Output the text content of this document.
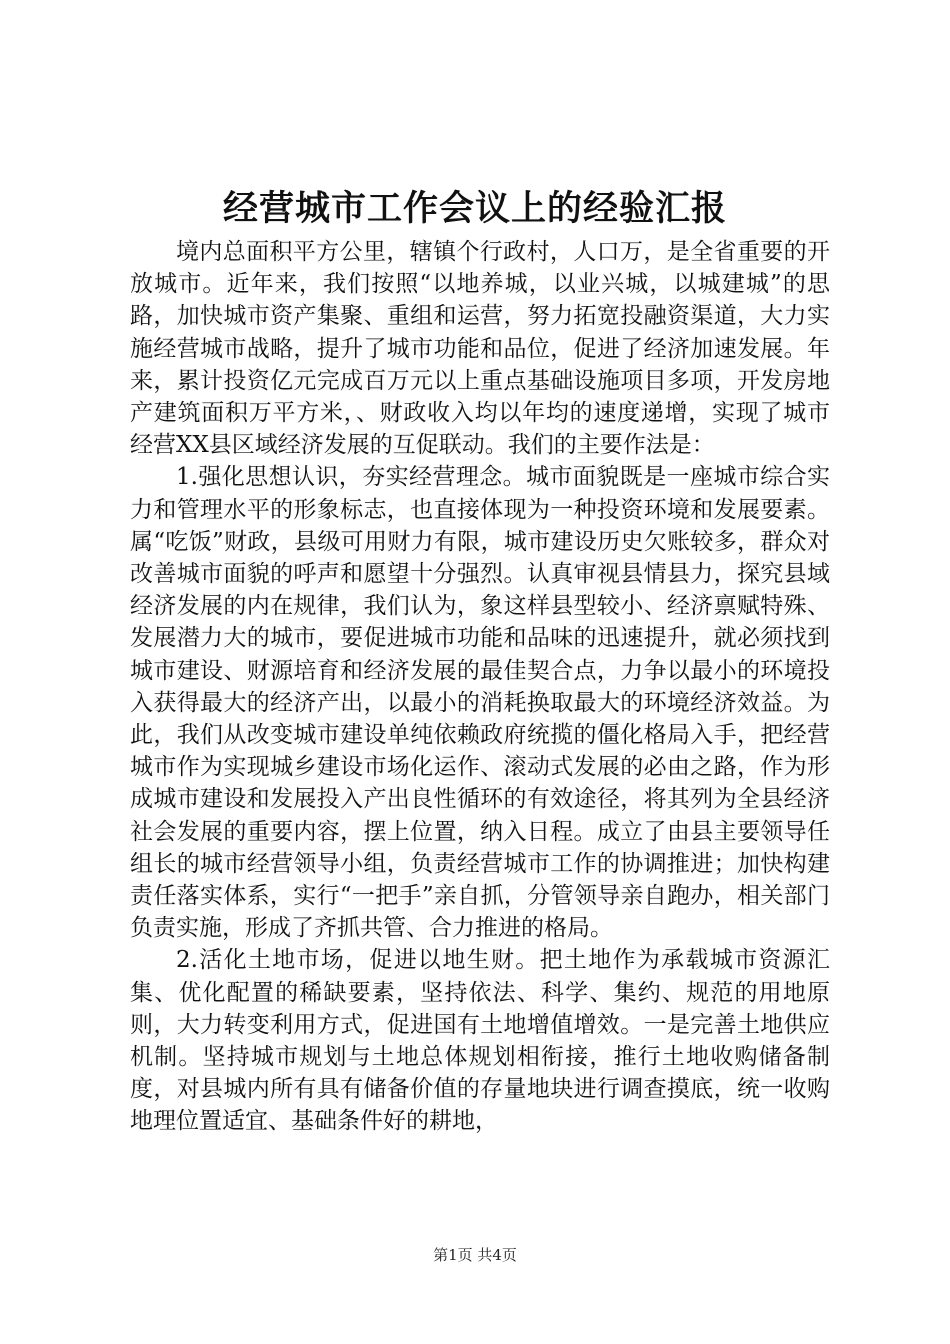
经营城市工作会议上的经验汇报

境内总面积平方公里，辖镇个行政村，人口万，是全省重要的开放城市。近年来，我们按照“以地养城，以业兴城，以城建城”的思路，加快城市资产集聚、重组和运营，努力拓宽投融资渠道，大力实施经营城市战略，提升了城市功能和品位，促进了经济加速发展。年来，累计投资亿元完成百万元以上重点基础设施项目多项，开发房地产建筑面积万平方米，、财政收入均以年均的速度递增，实现了城市经营XX县区域经济发展的互促联动。我们的主要作法是：

1.强化思想认识，夯实经营理念。城市面貌既是一座城市综合实力和管理水平的形象标志，也直接体现为一种投资环境和发展要素。属“吃饭”财政，县级可用财力有限，城市建设历史欠账较多，群众对改善城市面貌的呼声和愿望十分强烈。认真审视县情县力，探究县域经济发展的内在规律，我们认为，象这样县型较小、经济禀赋特殊、发展潜力大的城市，要促进城市功能和品味的迅速提升，就必须找到城市建设、财源培育和经济发展的最佳契合点，力争以最小的环境投入获得最大的经济产出，以最小的消耗换取最大的环境经济效益。为此，我们从改变城市建设单纯依赖政府统揽的僵化格局入手，把经营城市作为实现城乡建设市场化运作、滚动式发展的必由之路，作为形成城市建设和发展投入产出良性循环的有效途径，将其列为全县经济社会发展的重要内容，摆上位置，纳入日程。成立了由县主要领导任组长的城市经营领导小组，负责经营城市工作的协调推进；加快构建责任落实体系，实行“一把手”亲自抓，分管领导亲自跑办，相关部门负责实施，形成了齐抓共管、合力推进的格局。

2.活化土地市场，促进以地生财。把土地作为承载城市资源汇集、优化配置的稀缺要素，坚持依法、科学、集约、规范的用地原则，大力转变利用方式，促进国有土地增值增效。一是完善土地供应机制。坚持城市规划与土地总体规划相衔接，推行土地收购储备制度，对县城内所有具有储备价值的存量地块进行调查摸底，统一收购地理位置适宜、基础条件好的耕地，

第1页 共4页
